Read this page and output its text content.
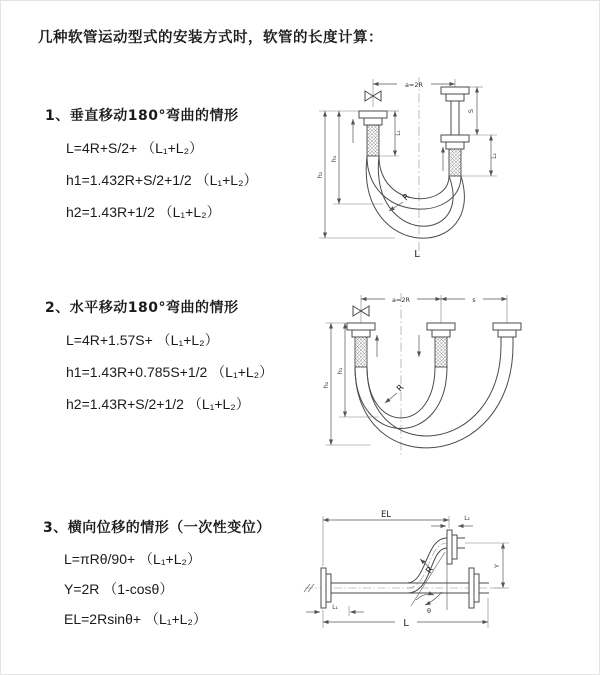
几种软管运动型式的安装方式时，软管的长度计算：
1、垂直移动180°弯曲的情形
L=4R+S/2+ （L₁+L₂）
h1=1.432R+S/2+1/2 （L₁+L₂）
h2=1.43R+1/2 （L₁+L₂）
a=2R
h₁
h₂
L₁
S
L₂
R
L
2、水平移动180°弯曲的情形
L=4R+1.57S+ （L₁+L₂）
h1=1.43R+0.785S+1/2 （L₁+L₂）
h2=1.43R+S/2+1/2 （L₁+L₂）
a=2R	s
h₁
h₂	R
3、横向位移的情形（一次性变位）
L=πRθ/90+ （L₁+L₂）
Y=2R （1-cosθ）
EL=2Rsinθ+ （L₁+L₂）
EL	L₂
Y
L
L₁	θ
R
